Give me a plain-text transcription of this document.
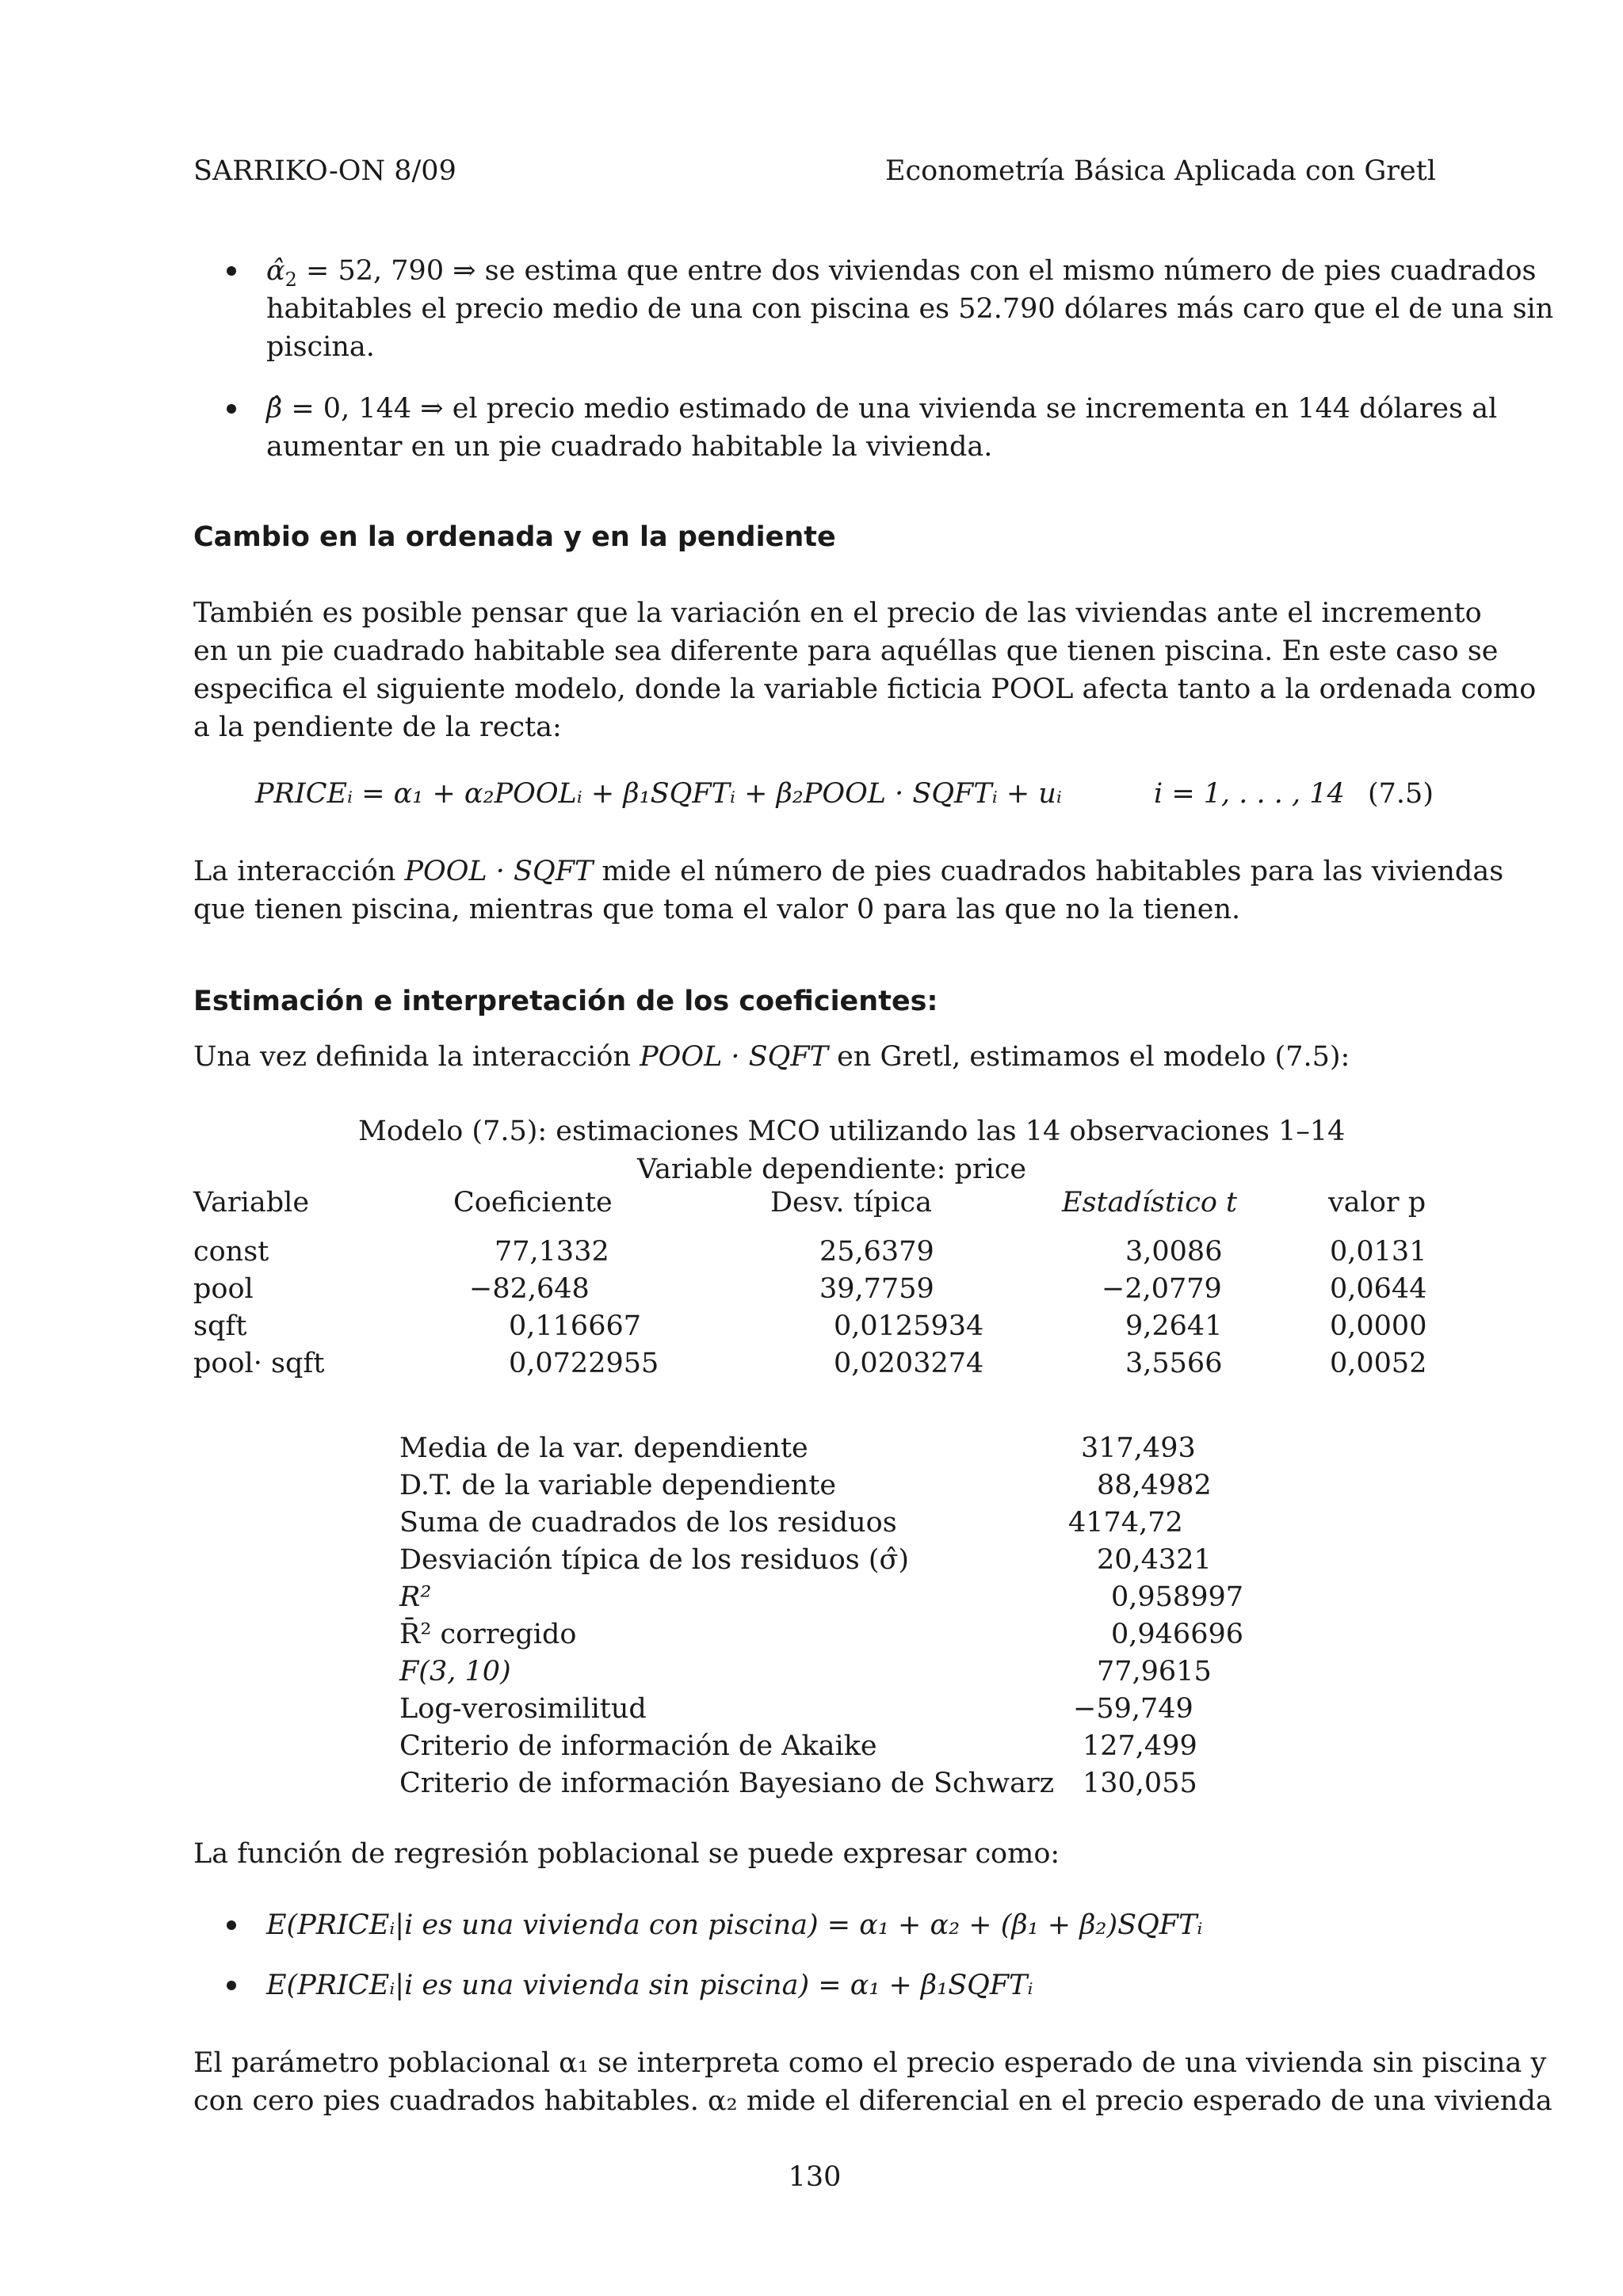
SARRIKO-ON 8/09	Econometría Básica Aplicada con Gretl
$\alphâ_2 = 52$, 790 ⇒ se estima que entre dos viviendas con el mismo número de pies cuadrados
habitables el precio medio de una con piscina es 52.790 dólares más caro que el de una sin
piscina.
β̂ = 0, 144 ⇒ el precio medio estimado de una vivienda se incrementa en 144 dólares al
aumentar en un pie cuadrado habitable la vivienda.
Cambio en la ordenada y en la pendiente
También es posible pensar que la variación en el precio de las viviendas ante el incremento
en un pie cuadrado habitable sea diferente para aquéllas que tienen piscina. En este caso se
especifica el siguiente modelo, donde la variable ficticia POOL afecta tanto a la ordenada como
a la pendiente de la recta:
PRICEᵢ = α₁ + α₂POOLᵢ + β₁SQFTᵢ + β₂POOL · SQFTᵢ + uᵢ	i = 1, . . . , 14 (7.5)
La interacción POOL · SQFT mide el número de pies cuadrados habitables para las viviendas
que tienen piscina, mientras que toma el valor 0 para las que no la tienen.
Estimación e interpretación de los coeficientes:
Una vez definida la interacción POOL · SQFT en Gretl, estimamos el modelo (7.5):
Modelo (7.5): estimaciones MCO utilizando las 14 observaciones 1–14
Variable dependiente: price
Variable	Coeficiente	Desv. típica	Estadístico t	valor p
const	77,1332	25,6379	3,0086	0,0131
pool	−82,648	39,7759	−2,0779	0,0644
sqft	0,116667	0,0125934	9,2641	0,0000
pool· sqft	0,0722955	0,0203274	3,5566	0,0052
Media de la var. dependiente	317,493
D.T. de la variable dependiente	88,4982
Suma de cuadrados de los residuos	4174,72
Desviación típica de los residuos (σ̂)	20,4321
R²	0,958997
R̄² corregido	0,946696
F(3, 10)	77,9615
Log-verosimilitud	−59,749
Criterio de información de Akaike	127,499
Criterio de información Bayesiano de Schwarz 130,055
La función de regresión poblacional se puede expresar como:
E(PRICEᵢ|i es una vivienda con piscina) = α₁ + α₂ + (β₁ + β₂)SQFTᵢ
E(PRICEᵢ|i es una vivienda sin piscina) = α₁ + β₁SQFTᵢ
El parámetro poblacional α₁ se interpreta como el precio esperado de una vivienda sin piscina y
con cero pies cuadrados habitables. α₂ mide el diferencial en el precio esperado de una vivienda
130
